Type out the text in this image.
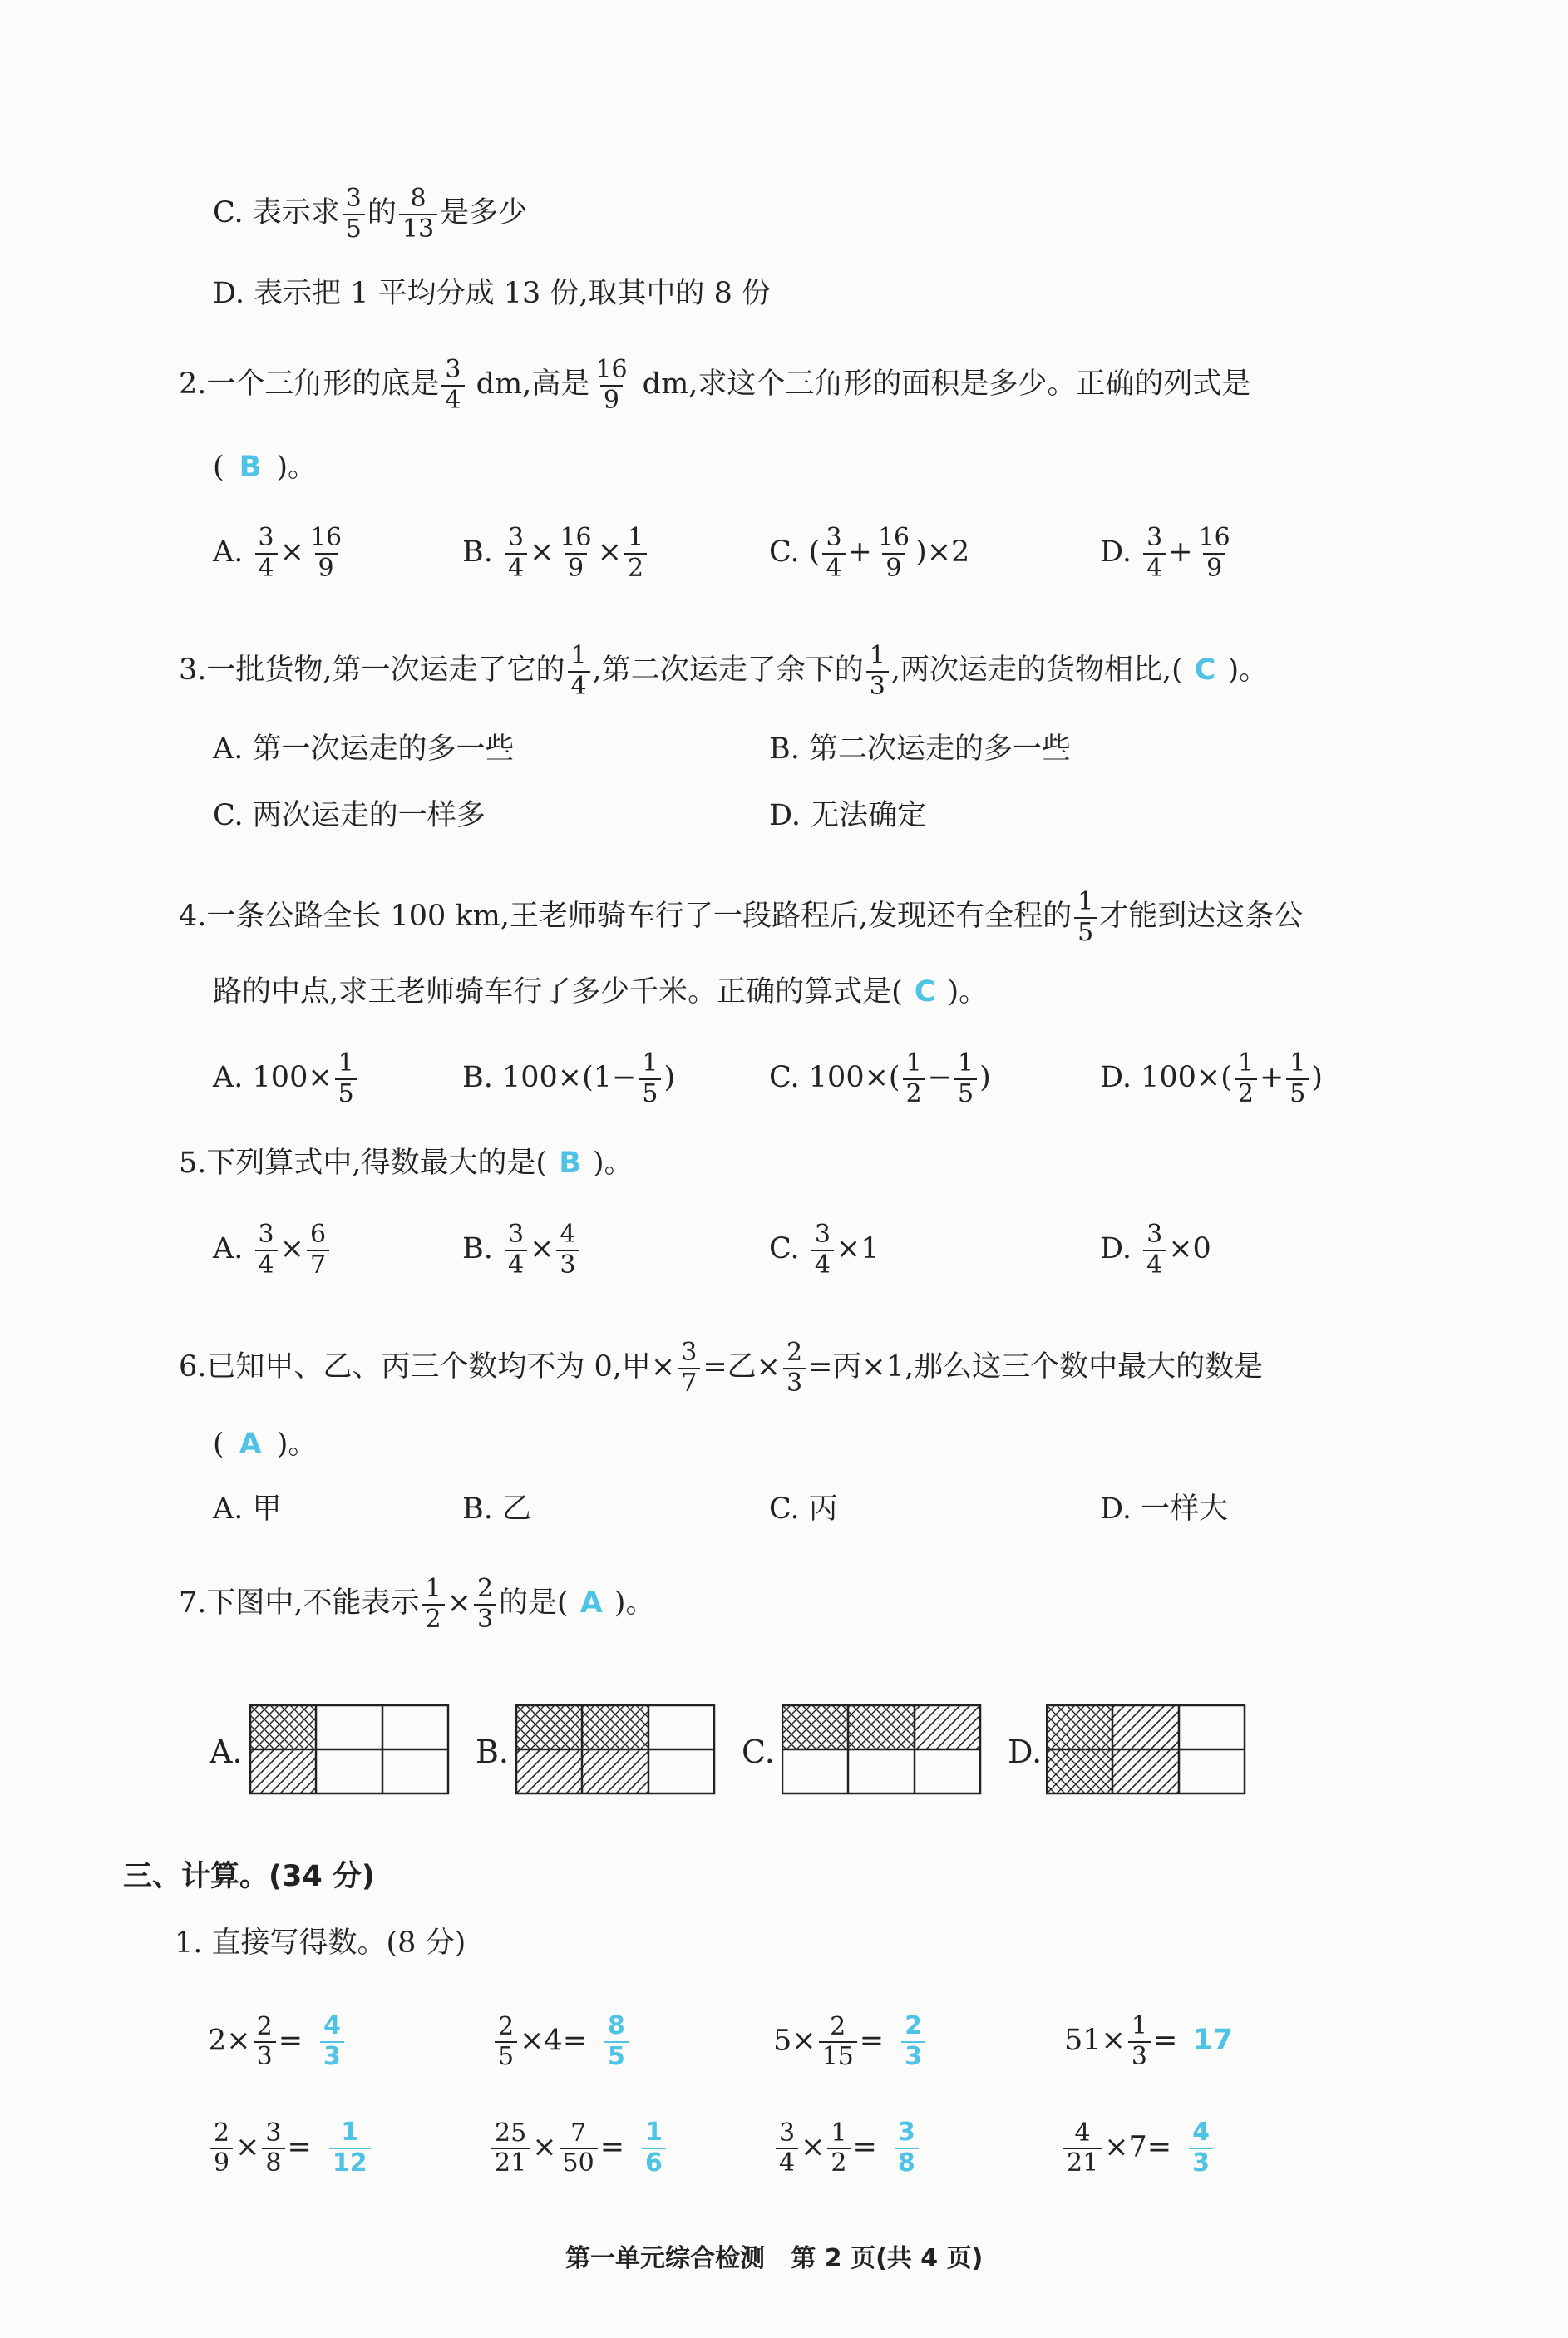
C. 表示求 $\frac{3}{5}$ 的 $\frac{8}{13}$ 是多少
D. 表示把 1 平均分成 13 份,取其中的 8 份
2.一个三角形的底是 $\frac{3}{4}$ dm,高是 $\frac{16}{9}$ dm,求这个三角形的面积是多少。正确的列式是
( B )。
A. $\frac{3}{4} \times \frac{16}{9}$	B. $\frac{3}{4} \times \frac{16}{9} \times \frac{1}{2}$	C. ( $\frac{3}{4} + \frac{16}{9} )\times 2$	D. $\frac{3}{4} + \frac{16}{9}$
3.一批货物,第一次运走了它的 $\frac{1}{4}$ ,第二次运走了余下的 $\frac{1}{3}$ ,两次运走的货物相比,( C )。
A. 第一次运走的多一些	B. 第二次运走的多一些
C. 两次运走的一样多	D. 无法确定
4.一条公路全长 100 km,王老师骑车行了一段路程后,发现还有全程的 $\frac{1}{5}$ 才能到达这条公
路的中点,求王老师骑车行了多少千米。正确的算式是( C )。
A. $100\times \frac{1}{5}$	B. $100\times(1- \frac{1}{5}$ )	C. $100\times( \frac{1}{2} - \frac{1}{5}$ )	D. $100\times( \frac{1}{2} + \frac{1}{5}$ )
5.下列算式中,得数最大的是( B )。
A. $\frac{3}{4} \times \frac{6}{7}$	B. $\frac{3}{4} \times \frac{4}{3}$	C. $\frac{3}{4} \times 1$	D. $\frac{3}{4} \times 0$
6.已知甲、乙、丙三个数均不为 0,甲× $\frac{3}{7}$ =乙× $\frac{2}{3}$ =丙×1,那么这三个数中最大的数是
( A )。
A. 甲	B. 乙	C. 丙	D. 一样大
7.下图中,不能表示 $\frac{1}{2} \times \frac{2}{3}$ 的是( A )。
A.	B.	C.	D.
三、计算。(34 分)
1. 直接写得数。(8 分)
$2\times \frac{2}{3} = \frac{4}{3}$	$\frac{2}{5} \times 4= \frac{8}{5}$	$5\times \frac{2}{15} = \frac{2}{3}$	$51\times \frac{1}{3} = 17$
$\frac{2}{9} \times \frac{3}{8} = \frac{1}{12}$	$\frac{25}{21} \times \frac{7}{50} = \frac{1}{6}$	$\frac{3}{4} \times \frac{1}{2} = \frac{3}{8}$	$\frac{4}{21} \times 7= \frac{4}{3}$
第一单元综合检测   第 2 页(共 4 页)
